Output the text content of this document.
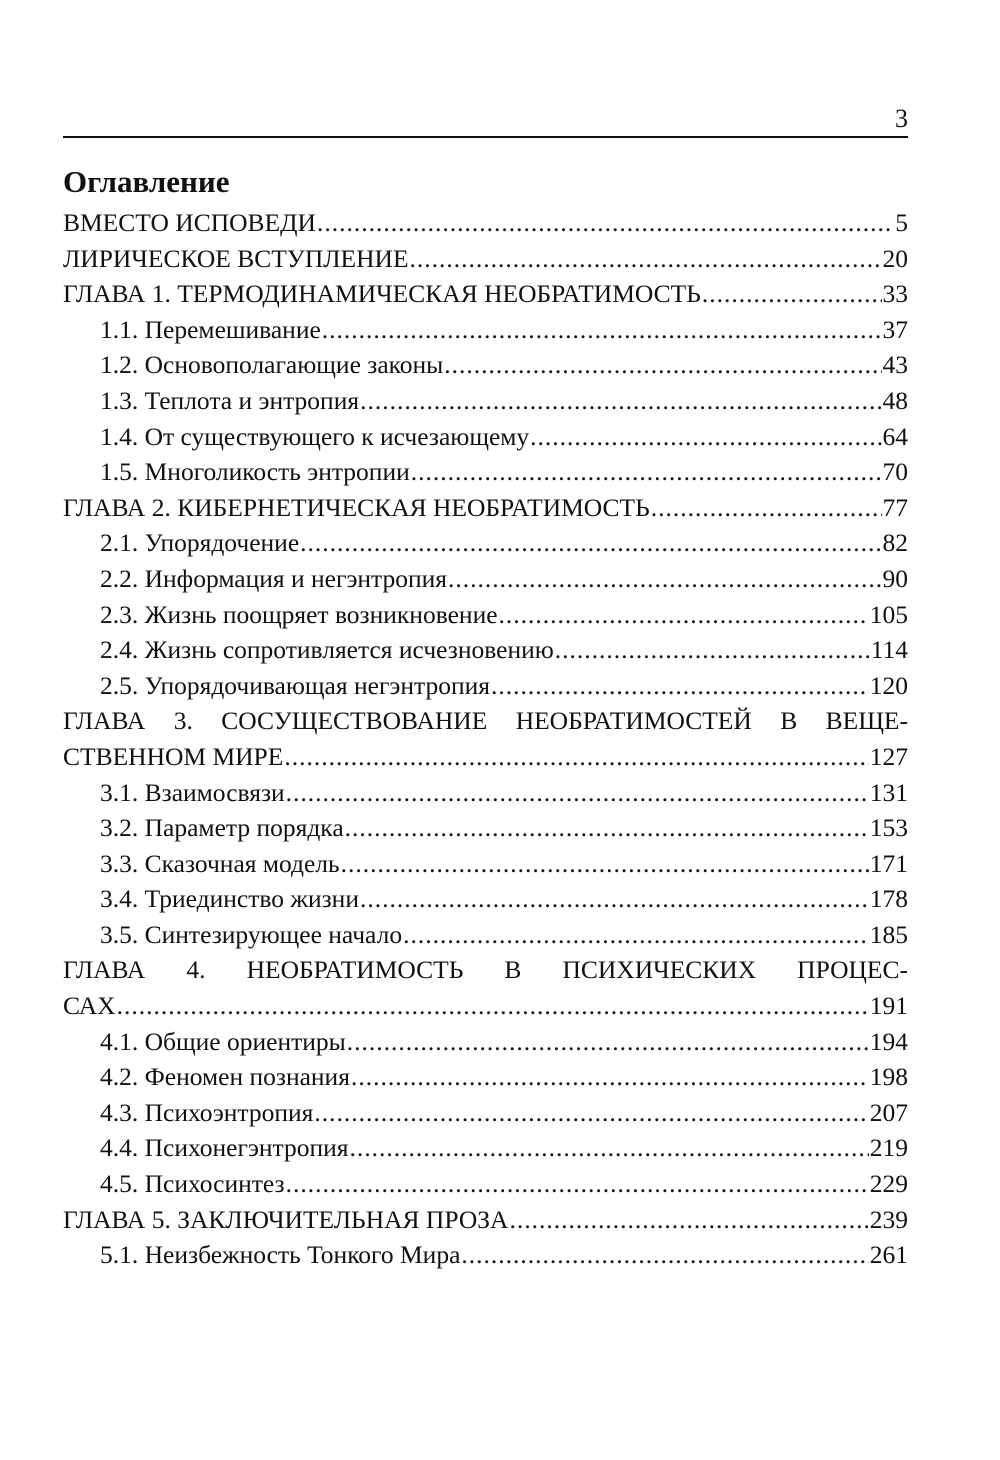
3
Оглавление
ВМЕСТО ИСПОВЕДИ .....	5
ЛИРИЧЕСКОЕ ВСТУПЛЕНИЕ .....	20
ГЛАВА 1. ТЕРМОДИНАМИЧЕСКАЯ НЕОБРАТИМОСТЬ .....	33
1.1. Перемешивание .....	37
1.2. Основополагающие законы .....	43
1.3. Теплота и энтропия .....	48
1.4. От существующего к исчезающему .....	64
1.5. Многоликость энтропии .....	70
ГЛАВА 2. КИБЕРНЕТИЧЕСКАЯ НЕОБРАТИМОСТЬ .....	77
2.1. Упорядочение .....	82
2.2. Информация и негэнтропия .....	90
2.3. Жизнь поощряет возникновение .....	105
2.4. Жизнь сопротивляется исчезновению .....	114
2.5. Упорядочивающая негэнтропия .....	120
ГЛАВА 3. СОСУЩЕСТВОВАНИЕ НЕОБРАТИМОСТЕЙ В ВЕЩЕ-
СТВЕННОМ МИРЕ .....	127
3.1. Взаимосвязи .....	131
3.2. Параметр порядка .....	153
3.3. Сказочная модель .....	171
3.4. Триединство жизни .....	178
3.5. Синтезирующее начало .....	185
ГЛАВА 4. НЕОБРАТИМОСТЬ В ПСИХИЧЕСКИХ ПРОЦЕС-
САХ .....	191
4.1. Общие ориентиры .....	194
4.2. Феномен познания .....	198
4.3. Психоэнтропия .....	207
4.4. Психонегэнтропия .....	219
4.5. Психосинтез .....	229
ГЛАВА 5. ЗАКЛЮЧИТЕЛЬНАЯ ПРОЗА .....	239
5.1. Неизбежность Тонкого Мира .....	261
